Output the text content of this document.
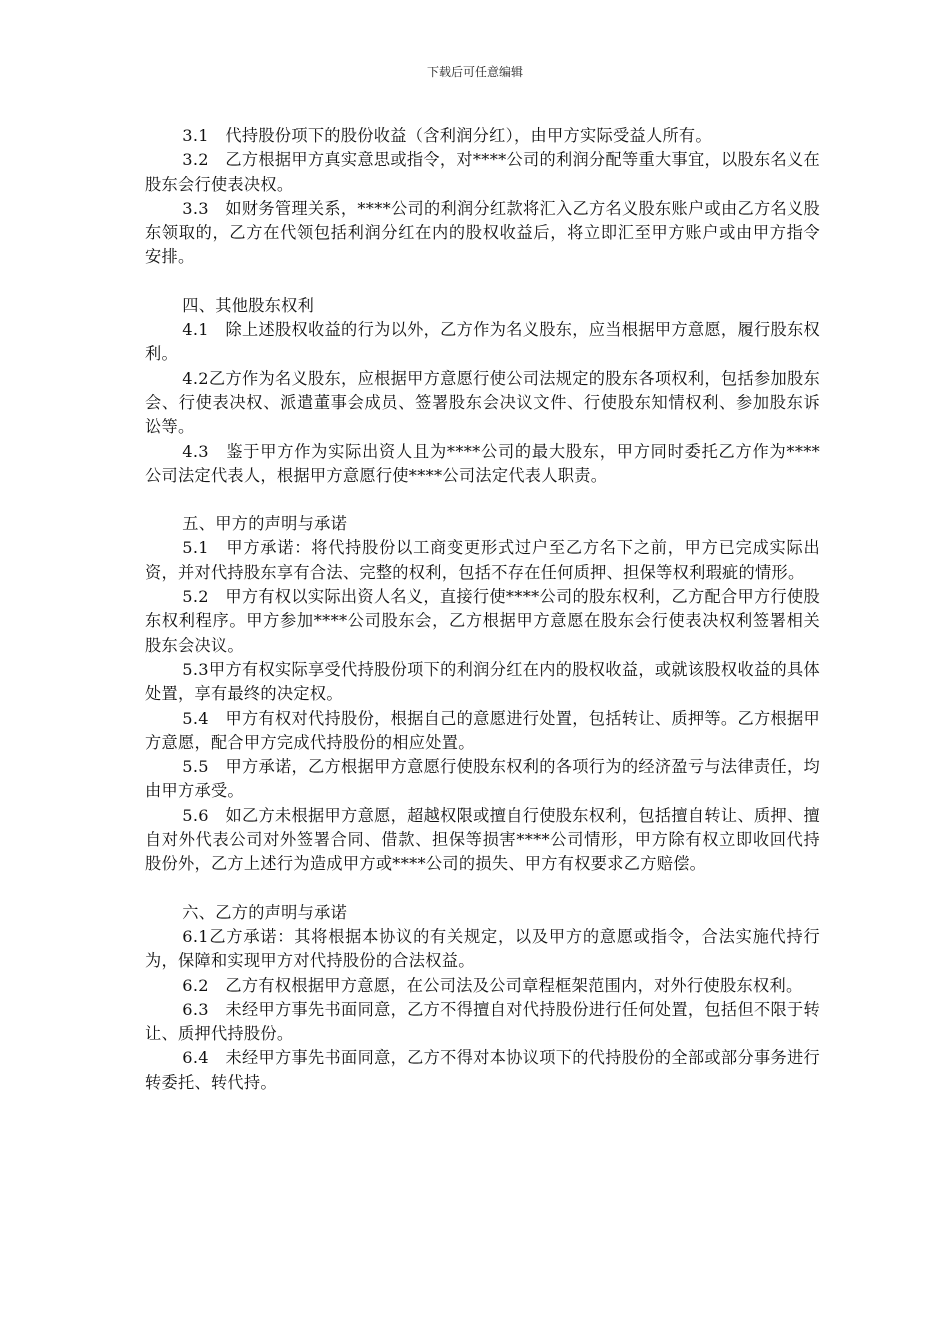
下载后可任意编辑

3.1　代持股份项下的股份收益（含利润分红），由甲方实际受益人所有。

3.2　乙方根据甲方真实意思或指令，对****公司的利润分配等重大事宜，以股东名义在股东会行使表决权。

3.3　如财务管理关系，****公司的利润分红款将汇入乙方名义股东账户或由乙方名义股东领取的，乙方在代领包括利润分红在内的股权收益后，将立即汇至甲方账户或由甲方指令安排。

四、其他股东权利

4.1　除上述股权收益的行为以外，乙方作为名义股东，应当根据甲方意愿，履行股东权利。

4.2乙方作为名义股东，应根据甲方意愿行使公司法规定的股东各项权利，包括参加股东会、行使表决权、派遣董事会成员、签署股东会决议文件、行使股东知情权利、参加股东诉讼等。

4.3　鉴于甲方作为实际出资人且为****公司的最大股东，甲方同时委托乙方作为****公司法定代表人，根据甲方意愿行使****公司法定代表人职责。

五、甲方的声明与承诺

5.1　甲方承诺：将代持股份以工商变更形式过户至乙方名下之前，甲方已完成实际出资，并对代持股东享有合法、完整的权利，包括不存在任何质押、担保等权利瑕疵的情形。

5.2　甲方有权以实际出资人名义，直接行使****公司的股东权利，乙方配合甲方行使股东权利程序。甲方参加****公司股东会，乙方根据甲方意愿在股东会行使表决权利签署相关股东会决议。

5.3甲方有权实际享受代持股份项下的利润分红在内的股权收益，或就该股权收益的具体处置，享有最终的决定权。

5.4　甲方有权对代持股份，根据自己的意愿进行处置，包括转让、质押等。乙方根据甲方意愿，配合甲方完成代持股份的相应处置。

5.5　甲方承诺，乙方根据甲方意愿行使股东权利的各项行为的经济盈亏与法律责任，均由甲方承受。

5.6　如乙方未根据甲方意愿，超越权限或擅自行使股东权利，包括擅自转让、质押、擅自对外代表公司对外签署合同、借款、担保等损害****公司情形，甲方除有权立即收回代持股份外，乙方上述行为造成甲方或****公司的损失、甲方有权要求乙方赔偿。

六、乙方的声明与承诺

6.1乙方承诺：其将根据本协议的有关规定，以及甲方的意愿或指令，合法实施代持行为，保障和实现甲方对代持股份的合法权益。

6.2　乙方有权根据甲方意愿，在公司法及公司章程框架范围内，对外行使股东权利。

6.3　未经甲方事先书面同意，乙方不得擅自对代持股份进行任何处置，包括但不限于转让、质押代持股份。

6.4　未经甲方事先书面同意，乙方不得对本协议项下的代持股份的全部或部分事务进行转委托、转代持。
